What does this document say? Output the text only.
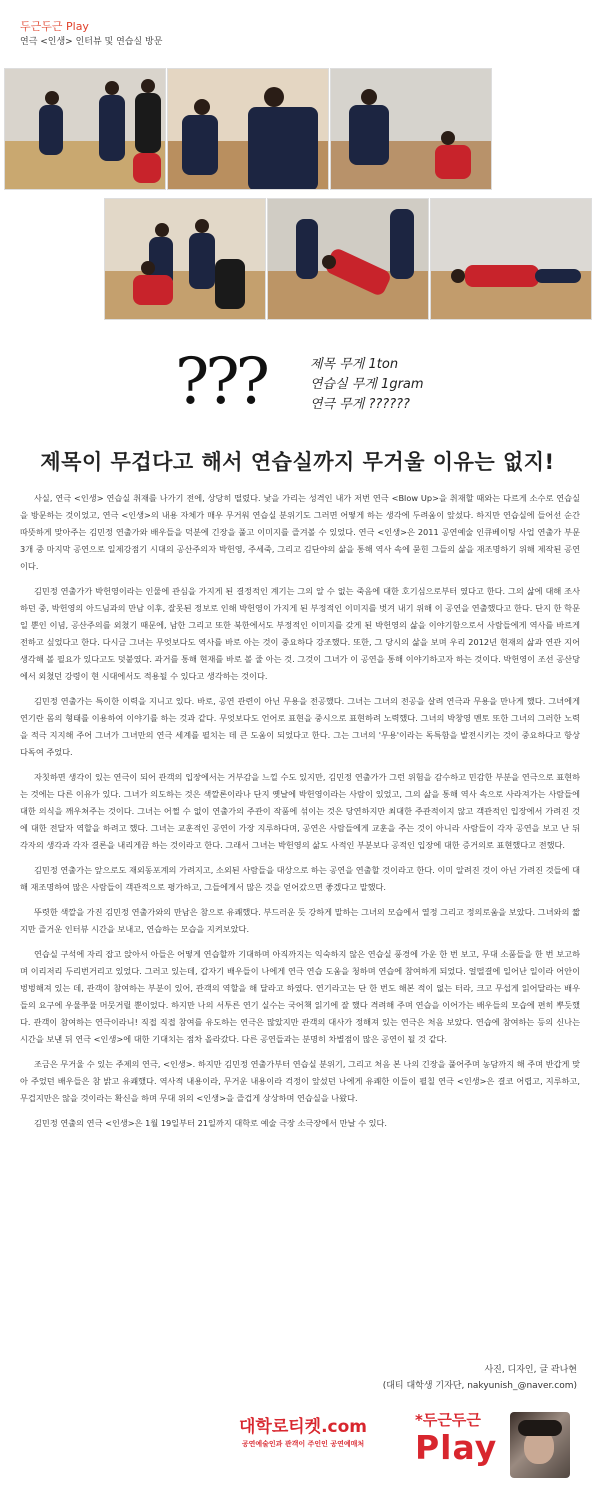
두근두근 Play
연극 <인생> 인터뷰 및 연습실 방문
???	제목 무게 1ton
연습실 무게 1gram
연극 무게 ??????
제목이 무겁다고 해서 연습실까지 무거울 이유는 없지!

사실, 연극 <인생> 연습실 취재를 나가기 전에, 상당히 떨렸다. 낯을 가리는 성격인 내가 저번 연극 <Blow Up>을 취재할 때와는 다르게 소수로 연습실을 방문하는 것이었고, 연극 <인생>의 내용 자체가 매우 무거워 연습실 분위기도 그러면 어떻게 하는 생각에 두려움이 앞섰다. 하지만 연습실에 들어선 순간 따뜻하게 맞아주는 김민정 연출가와 배우들을 덕분에 긴장을 풀고 이미지를 즐겨볼 수 있었다. 연극 <인생>은 2011 공연예술 인큐베이팅 사업 연출가 부문 3개 중 마지막 공연으로 일제강점기 시대의 공산주의자 박헌영, 주세죽, 그리고 김단야의 삶을 통해 역사 속에 묻힌 그들의 삶을 재조명하기 위해 제작된 공연이다.

김민정 연출가가 박헌영이라는 인물에 관심을 가지게 된 결정적인 계기는 그의 알 수 없는 죽음에 대한 호기심으로부터 였다고 한다. 그의 삶에 대해 조사하던 중, 박헌영의 아드님과의 만남 이후, 잘못된 정보로 인해 박헌영이 가지게 된 부정적인 이미지를 벗겨 내기 위해 이 공연을 연출했다고 한다. 단지 한 학문일 뿐인 이념, 공산주의를 외쳤기 때문에, 남한 그리고 또한 북한에서도 부정적인 이미지를 갖게 된 박헌영의 삶을 이야기함으로서 사람들에게 역사를 바르게 전하고 싶었다고 한다. 다시금 그녀는 무엇보다도 역사를 바로 아는 것이 중요하다 강조했다. 또한, 그 당시의 삶을 보며 우리 2012년 현재의 삶과 연관 지어 생각해 볼 필요가 있다고도 덧붙였다. 과거를 통해 현재를 바로 볼 줄 아는 것. 그것이 그녀가 이 공연을 통해 이야기하고자 하는 것이다. 박헌영이 조선 공산당에서 외쳤던 강령이 현 시대에서도 적용될 수 있다고 생각하는 것이다.

김민정 연출가는 특이한 이력을 지니고 있다. 바로, 공연 관련이 아닌 무용을 전공했다. 그녀는 그녀의 전공을 살려 연극과 무용을 만나게 했다. 그녀에게 연기란 몸의 형태를 이용하여 이야기를 하는 것과 같다. 무엇보다도 언어로 표현을 중시으로 표현하려 노력했다. 그녀의 박창영 멘토 또한 그녀의 그러한 노력을 적극 지지해 주어 그녀가 그녀만의 연극 세계를 펼치는 데 큰 도움이 되었다고 한다. 그는 그녀의 '무용'이라는 독특함을 발전시키는 것이 중요하다고 항상 다독여 주었다.

자칫하면 생각이 있는 연극이 되어 관객의 입장에서는 거부감을 느낄 수도 있지만, 김민정 연출가가 그런 위험을 감수하고 민감한 부분을 연극으로 표현하는 것에는 다른 이유가 있다. 그녀가 의도하는 것은 색깔론이라나 단지 옛날에 박헌영이라는 사람이 있었고, 그의 삶을 통해 역사 속으로 사라져가는 사람들에 대한 의식을 깨우쳐주는 것이다. 그녀는 어쩔 수 없이 연출가의 주관이 작품에 섞이는 것은 당연하지만 최대한 주관적이지 않고 객관적인 입장에서 가려진 것에 대한 전달자 역할을 하려고 했다. 그녀는 교훈적인 공연이 가장 지루하다며, 공연은 사람들에게 교훈을 주는 것이 아니라 사람들이 각자 공연을 보고 난 뒤 각자의 생각과 각자 결론을 내리게끔 하는 것이라고 한다. 그래서 그녀는 박헌영의 삶도 사적인 부분보다 공적인 입장에 대한 증거의로 표현했다고 전했다.

김민정 연출가는 앞으로도 재외동포계의 가려지고, 소외된 사람들을 대상으로 하는 공연을 연출할 것이라고 한다. 이미 알려진 것이 아닌 가려진 것들에 대해 재조명하여 많은 사람들이 객관적으로 평가하고, 그들에게서 많은 것을 얻어갔으면 좋겠다고 말했다.

뚜렷한 색깔을 가진 김민정 연출가와의 만남은 참으로 유쾌했다. 부드러운 듯 강하게 말하는 그녀의 모습에서 열정 그리고 정의로움을 보았다. 그녀와의 짧지만 즐거운 인터뷰 시간을 보내고, 연습하는 모습을 지켜보았다.

연습실 구석에 자리 잡고 앉아서 아들은 어떻게 연습할까 기대하며 아직까지는 익숙하지 않은 연습실 풍경에 가운 한 번 보고, 무대 소품들을 한 번 보고하며 이리저리 두리번거리고 있었다. 그러고 있는데, 갑자기 배우들이 나에게 연극 연습 도움을 청하며 연습에 참여하게 되었다. 얼떨결에 일어난 일이라 어안이 벙벙해져 있는 데, 관객이 참여하는 부분이 있어, 관객의 역할을 해 달라고 하였다. 연기라고는 단 한 번도 해본 적이 없는 터라, 크고 무섭게 읽어달라는 배우들의 요구에 우물쭈물 머뭇거릴 뿐이었다. 하지만 나의 서투른 연기 실수는 국어책 읽기에 잘 했다 격려해 주며 연습을 이어가는 배우들의 모습에 편히 뿌듯했다. 관객이 참여하는 연극이라니! 직접 직접 참여를 유도하는 연극은 많았지만 관객의 대사가 정해져 있는 연극은 처음 보았다. 연습에 참여하는 등의 신나는 시간을 보낸 뒤 연극 <인생>에 대한 기대치는 점차 올라갔다. 다른 공연들과는 분명히 차별점이 많은 공연이 될 것 같다.

조금은 무거울 수 있는 주제의 연극, <인생>. 하지만 김민정 연출가부터 연습실 분위기, 그리고 처음 본 나의 긴장을 풀어주며 농담까지 해 주며 반갑게 맞아 주었던 배우들은 참 밝고 유쾌했다. 역사적 내용이라, 무거운 내용이라 걱정이 앞섰던 나에게 유쾌한 이들이 펼칠 연극 <인생>은 결코 어렵고, 지루하고, 무겁지만은 않을 것이라는 확신을 하며 무대 위의 <인생>을 즐겁게 상상하며 연습실을 나왔다.

김민정 연출의 연극 <인생>은 1월 19일부터 21일까지 대학로 예술 극장 소극장에서 만날 수 있다.

사진, 디자인, 글 곽나현
(대티 대학생 기자단, nakyunish_@naver.com)
대학로티켓.com
공연예술인과 관객이 주인인 공연예매처
*두근두근
Play
